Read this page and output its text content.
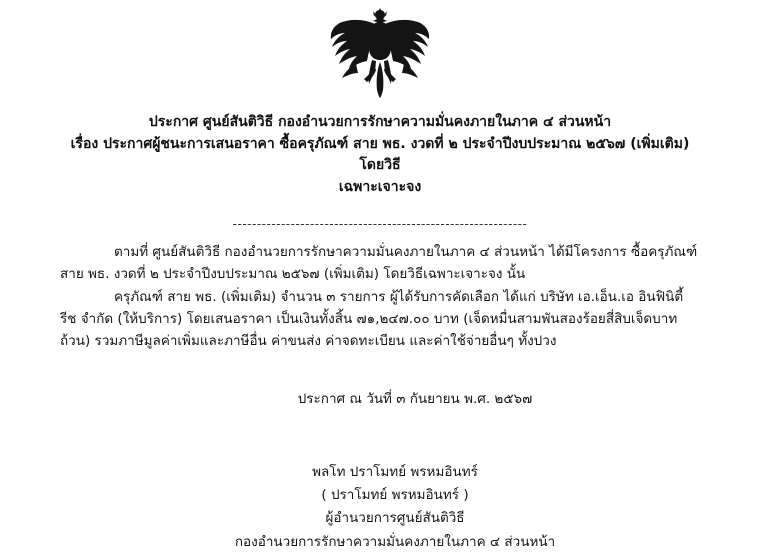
ประกาศ ศูนย์สันติวิธี กองอำนวยการรักษาความมั่นคงภายในภาค ๔ ส่วนหน้า
เรื่อง ประกาศผู้ชนะการเสนอราคา ซื้อครุภัณฑ์ สาย พธ. งวดที่ ๒ ประจำปีงบประมาณ ๒๕๖๗ (เพิ่มเติม) โดยวิธี
เฉพาะเจาะจง
-------------------------------------------------------------

ตามที่ ศูนย์สันติวิธี กองอำนวยการรักษาความมั่นคงภายในภาค ๔ ส่วนหน้า ได้มีโครงการ ซื้อครุภัณฑ์ สาย พธ. งวดที่ ๒ ประจำปีงบประมาณ ๒๕๖๗ (เพิ่มเติม) โดยวิธีเฉพาะเจาะจง นั้น

ครุภัณฑ์ สาย พธ. (เพิ่มเติม) จำนวน ๓ รายการ ผู้ได้รับการคัดเลือก ได้แก่ บริษัท เอ.เอ็น.เอ อินฟินิตี้ รีช จำกัด (ให้บริการ) โดยเสนอราคา เป็นเงินทั้งสิ้น ๗๑,๒๔๗.๐๐ บาท (เจ็ดหมื่นสามพันสองร้อยสี่สิบเจ็ดบาทถ้วน) รวมภาษีมูลค่าเพิ่มและภาษีอื่น ค่าขนส่ง ค่าจดทะเบียน และค่าใช้จ่ายอื่นๆ ทั้งปวง

ประกาศ ณ วันที่ ๓ กันยายน พ.ศ. ๒๕๖๗
พลโท ปราโมทย์ พรหมอินทร์
( ปราโมทย์ พรหมอินทร์ )
ผู้อำนวยการศูนย์สันติวิธี
กองอำนวยการรักษาความมั่นคงภายในภาค ๔ ส่วนหน้า
